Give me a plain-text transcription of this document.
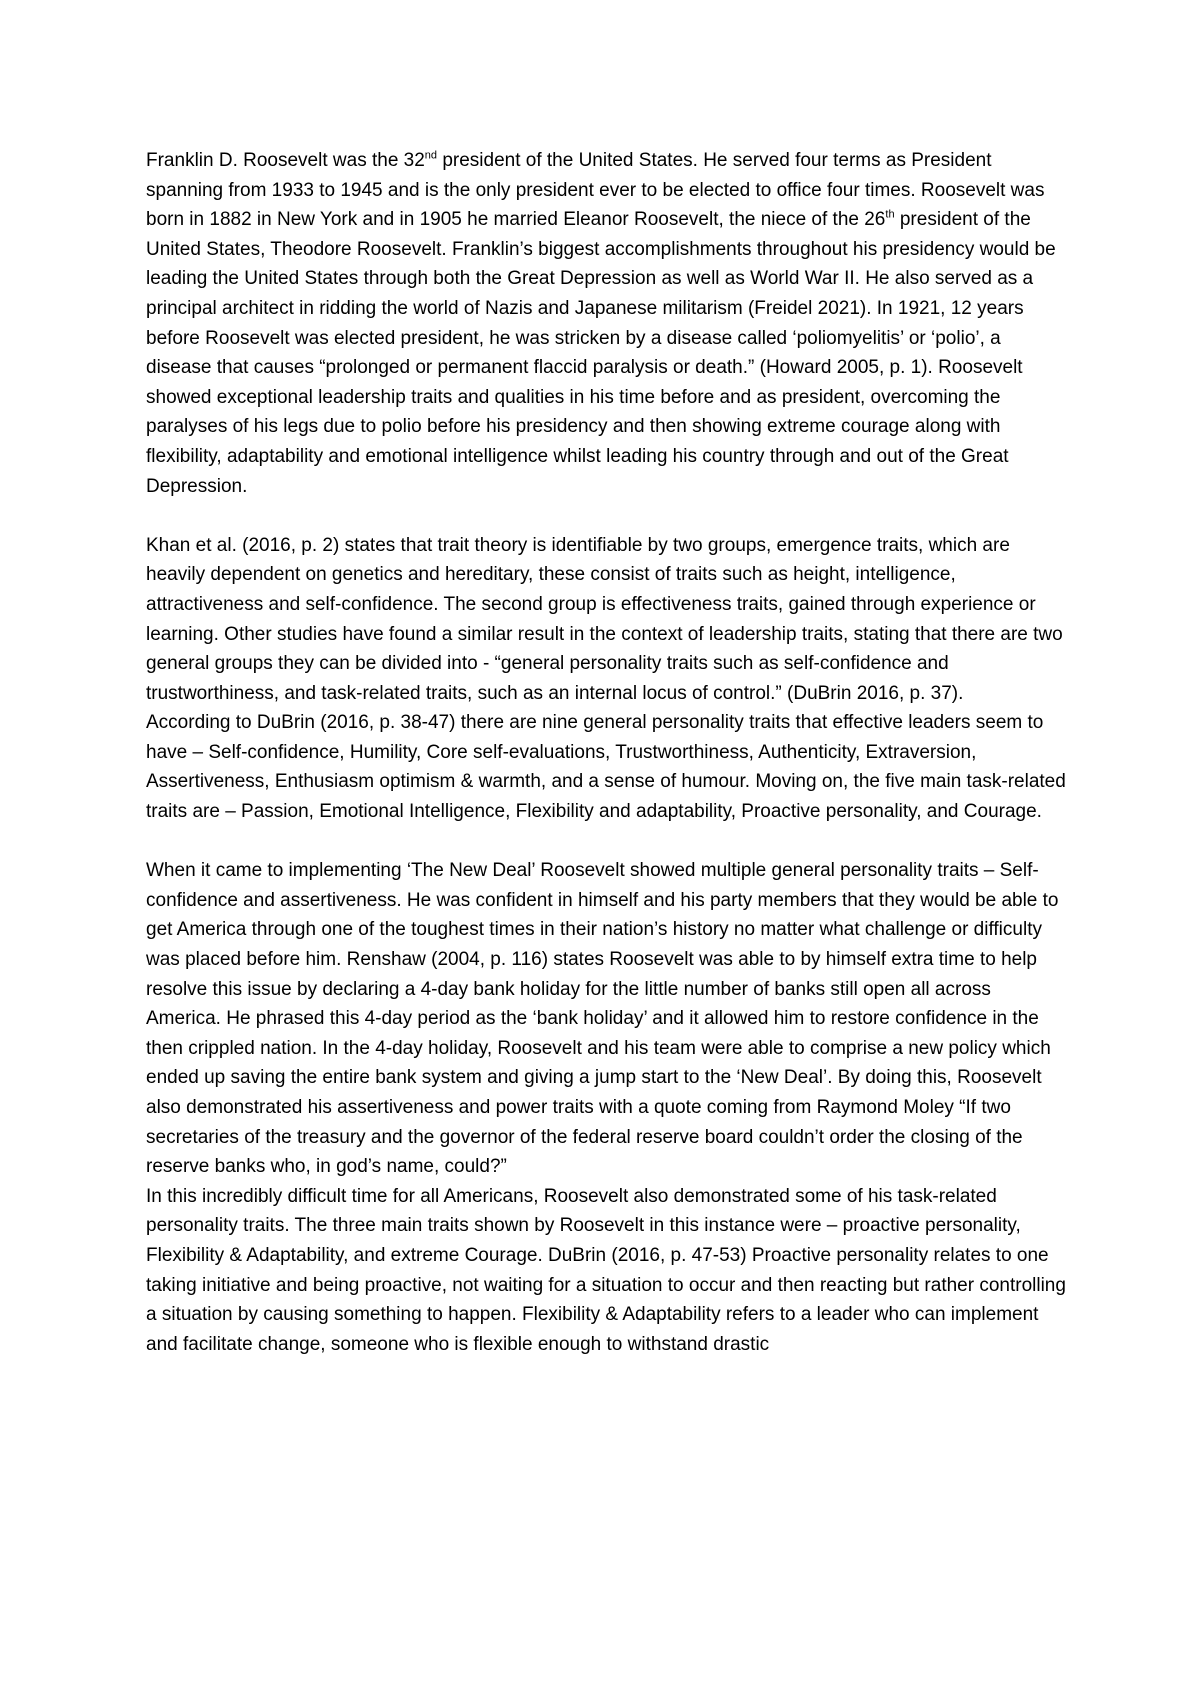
Franklin D. Roosevelt was the 32nd president of the United States. He served four terms as President spanning from 1933 to 1945 and is the only president ever to be elected to office four times. Roosevelt was born in 1882 in New York and in 1905 he married Eleanor Roosevelt, the niece of the 26th president of the United States, Theodore Roosevelt. Franklin’s biggest accomplishments throughout his presidency would be leading the United States through both the Great Depression as well as World War II. He also served as a principal architect in ridding the world of Nazis and Japanese militarism (Freidel 2021). In 1921, 12 years before Roosevelt was elected president, he was stricken by a disease called ‘poliomyelitis’ or ‘polio’, a disease that causes “prolonged or permanent flaccid paralysis or death.” (Howard 2005, p. 1). Roosevelt showed exceptional leadership traits and qualities in his time before and as president, overcoming the paralyses of his legs due to polio before his presidency and then showing extreme courage along with flexibility, adaptability and emotional intelligence whilst leading his country through and out of the Great Depression.

Khan et al. (2016, p. 2) states that trait theory is identifiable by two groups, emergence traits, which are heavily dependent on genetics and hereditary, these consist of traits such as height, intelligence, attractiveness and self-confidence. The second group is effectiveness traits, gained through experience or learning. Other studies have found a similar result in the context of leadership traits, stating that there are two general groups they can be divided into - “general personality traits such as self-confidence and trustworthiness, and task-related traits, such as an internal locus of control.” (DuBrin 2016, p. 37).

According to DuBrin (2016, p. 38-47) there are nine general personality traits that effective leaders seem to have – Self-confidence, Humility, Core self-evaluations, Trustworthiness, Authenticity, Extraversion, Assertiveness, Enthusiasm optimism & warmth, and a sense of humour. Moving on, the five main task-related traits are – Passion, Emotional Intelligence, Flexibility and adaptability, Proactive personality, and Courage.

When it came to implementing ‘The New Deal’ Roosevelt showed multiple general personality traits – Self-confidence and assertiveness. He was confident in himself and his party members that they would be able to get America through one of the toughest times in their nation’s history no matter what challenge or difficulty was placed before him. Renshaw (2004, p. 116) states Roosevelt was able to by himself extra time to help resolve this issue by declaring a 4-day bank holiday for the little number of banks still open all across America. He phrased this 4-day period as the ‘bank holiday’ and it allowed him to restore confidence in the then crippled nation. In the 4-day holiday, Roosevelt and his team were able to comprise a new policy which ended up saving the entire bank system and giving a jump start to the ‘New Deal’. By doing this, Roosevelt also demonstrated his assertiveness and power traits with a quote coming from Raymond Moley “If two secretaries of the treasury and the governor of the federal reserve board couldn’t order the closing of the reserve banks who, in god’s name, could?”

In this incredibly difficult time for all Americans, Roosevelt also demonstrated some of his task-related personality traits. The three main traits shown by Roosevelt in this instance were – proactive personality, Flexibility & Adaptability, and extreme Courage. DuBrin (2016, p. 47-53) Proactive personality relates to one taking initiative and being proactive, not waiting for a situation to occur and then reacting but rather controlling a situation by causing something to happen. Flexibility & Adaptability refers to a leader who can implement and facilitate change, someone who is flexible enough to withstand drastic
